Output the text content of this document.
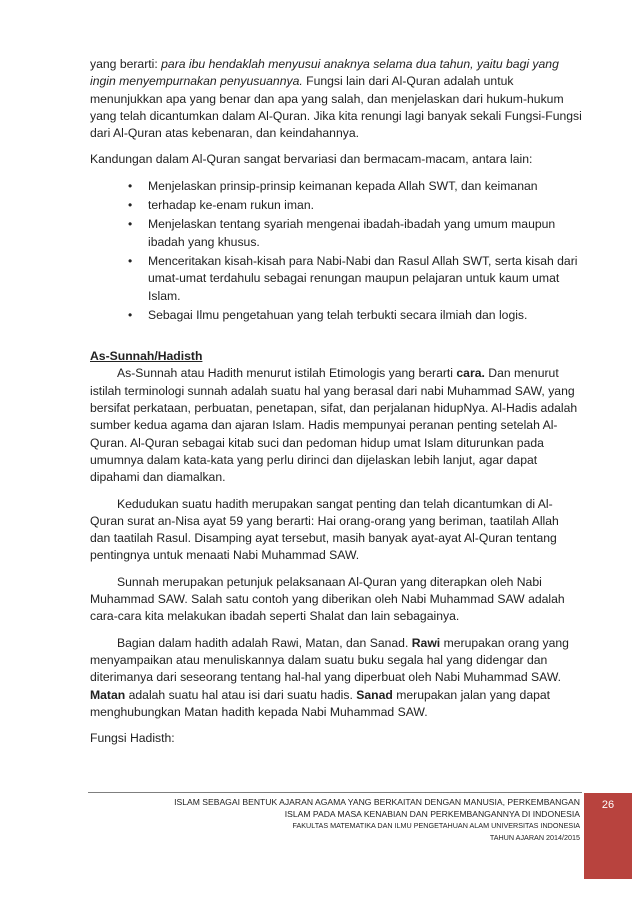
yang berarti: para ibu hendaklah menyusui anaknya selama dua tahun, yaitu bagi yang ingin menyempurnakan penyusuannya. Fungsi lain dari Al-Quran adalah untuk menunjukkan apa yang benar dan apa yang salah, dan menjelaskan dari hukum-hukum yang telah dicantumkan dalam Al-Quran. Jika kita renungi lagi banyak sekali Fungsi-Fungsi dari Al-Quran atas kebenaran, dan keindahannya.

Kandungan dalam Al-Quran sangat bervariasi dan bermacam-macam, antara lain:

• Menjelaskan prinsip-prinsip keimanan kepada Allah SWT, dan keimanan
• terhadap ke-enam rukun iman.
• Menjelaskan tentang syariah mengenai ibadah-ibadah yang umum maupun ibadah yang khusus.
• Menceritakan kisah-kisah para Nabi-Nabi dan Rasul Allah SWT, serta kisah dari umat-umat terdahulu sebagai renungan maupun pelajaran untuk kaum umat Islam.
• Sebagai Ilmu pengetahuan yang telah terbukti secara ilmiah dan logis.

As-Sunnah/Hadisth

As-Sunnah atau Hadith menurut istilah Etimologis yang berarti cara. Dan menurut istilah terminologi sunnah adalah suatu hal yang berasal dari nabi Muhammad SAW, yang bersifat perkataan, perbuatan, penetapan, sifat, dan perjalanan hidupNya. Al-Hadis adalah sumber kedua agama dan ajaran Islam. Hadis mempunyai peranan penting setelah Al-Quran. Al-Quran sebagai kitab suci dan pedoman hidup umat Islam diturunkan pada umumnya dalam kata-kata yang perlu dirinci dan dijelaskan lebih lanjut, agar dapat dipahami dan diamalkan.

Kedudukan suatu hadith merupakan sangat penting dan telah dicantumkan di Al-Quran surat an-Nisa ayat 59 yang berarti: Hai orang-orang yang beriman, taatilah Allah dan taatilah Rasul. Disamping ayat tersebut, masih banyak ayat-ayat Al-Quran tentang pentingnya untuk menaati Nabi Muhammad SAW.

Sunnah merupakan petunjuk pelaksanaan Al-Quran yang diterapkan oleh Nabi Muhammad SAW. Salah satu contoh yang diberikan oleh Nabi Muhammad SAW adalah cara-cara kita melakukan ibadah seperti Shalat dan lain sebagainya.

Bagian dalam hadith adalah Rawi, Matan, dan Sanad. Rawi merupakan orang yang menyampaikan atau menuliskannya dalam suatu buku segala hal yang didengar dan diterimanya dari seseorang tentang hal-hal yang diperbuat oleh Nabi Muhammad SAW. Matan adalah suatu hal atau isi dari suatu hadis. Sanad merupakan jalan yang dapat menghubungkan Matan hadith kepada Nabi Muhammad SAW.

Fungsi Hadisth:

ISLAM SEBAGAI BENTUK AJARAN AGAMA YANG BERKAITAN DENGAN MANUSIA, PERKEMBANGAN
ISLAM PADA MASA KENABIAN DAN PERKEMBANGANNYA DI INDONESIA
FAKULTAS MATEMATIKA DAN ILMU PENGETAHUAN ALAM UNIVERSITAS INDONESIA
TAHUN AJARAN 2014/2015
26
